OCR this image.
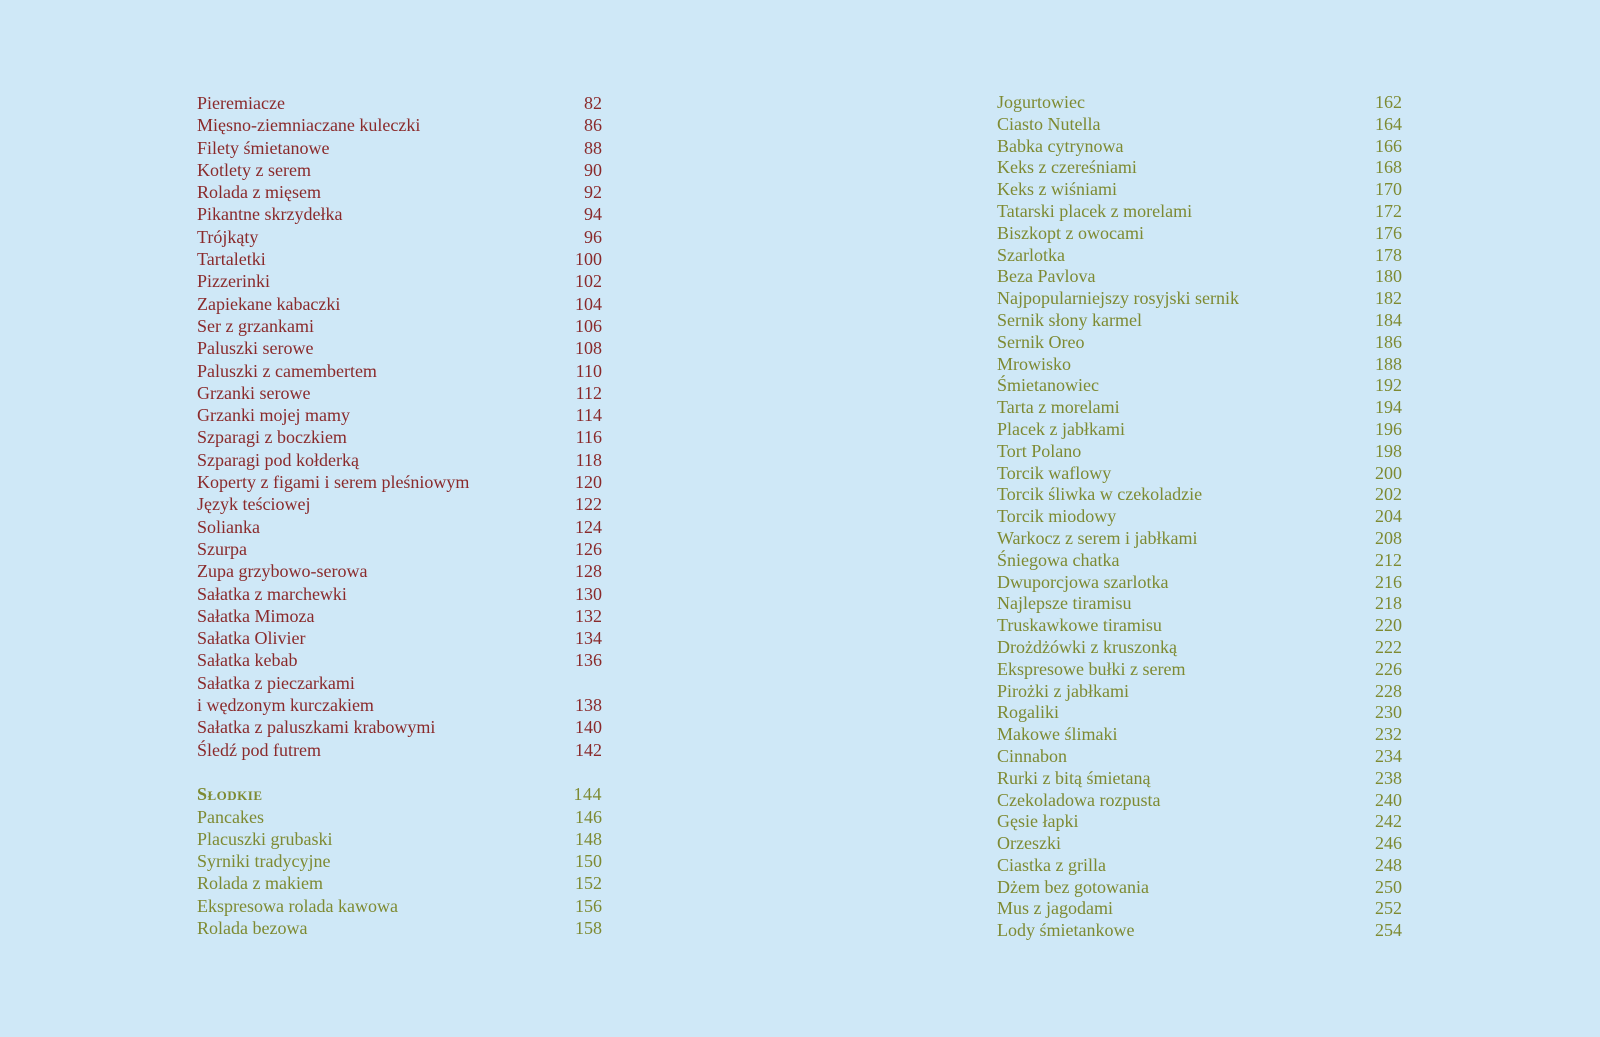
Pieremiacze	82
Mięsno-ziemniaczane kuleczki	86
Filety śmietanowe	88
Kotlety z serem	90
Rolada z mięsem	92
Pikantne skrzydełka	94
Trójkąty	96
Tartaletki	100
Pizzerinki	102
Zapiekane kabaczki	104
Ser z grzankami	106
Paluszki serowe	108
Paluszki z camembertem	110
Grzanki serowe	112
Grzanki mojej mamy	114
Szparagi z boczkiem	116
Szparagi pod kołderką	118
Koperty z figami i serem pleśniowym	120
Język teściowej	122
Solianka	124
Szurpa	126
Zupa grzybowo-serowa	128
Sałatka z marchewki	130
Sałatka Mimoza	132
Sałatka Olivier	134
Sałatka kebab	136
Sałatka z pieczarkami
i wędzonym kurczakiem	138
Sałatka z paluszkami krabowymi	140
Śledź pod futrem	142
Słodkie	144
Pancakes	146
Placuszki grubaski	148
Syrniki tradycyjne	150
Rolada z makiem	152
Ekspresowa rolada kawowa	156
Rolada bezowa	158
Jogurtowiec	162
Ciasto Nutella	164
Babka cytrynowa	166
Keks z czereśniami	168
Keks z wiśniami	170
Tatarski placek z morelami	172
Biszkopt z owocami	176
Szarlotka	178
Beza Pavlova	180
Najpopularniejszy rosyjski sernik	182
Sernik słony karmel	184
Sernik Oreo	186
Mrowisko	188
Śmietanowiec	192
Tarta z morelami	194
Placek z jabłkami	196
Tort Polano	198
Torcik waflowy	200
Torcik śliwka w czekoladzie	202
Torcik miodowy	204
Warkocz z serem i jabłkami	208
Śniegowa chatka	212
Dwuporcjowa szarlotka	216
Najlepsze tiramisu	218
Truskawkowe tiramisu	220
Drożdżówki z kruszonką	222
Ekspresowe bułki z serem	226
Pirożki z jabłkami	228
Rogaliki	230
Makowe ślimaki	232
Cinnabon	234
Rurki z bitą śmietaną	238
Czekoladowa rozpusta	240
Gęsie łapki	242
Orzeszki	246
Ciastka z grilla	248
Dżem bez gotowania	250
Mus z jagodami	252
Lody śmietankowe	254
